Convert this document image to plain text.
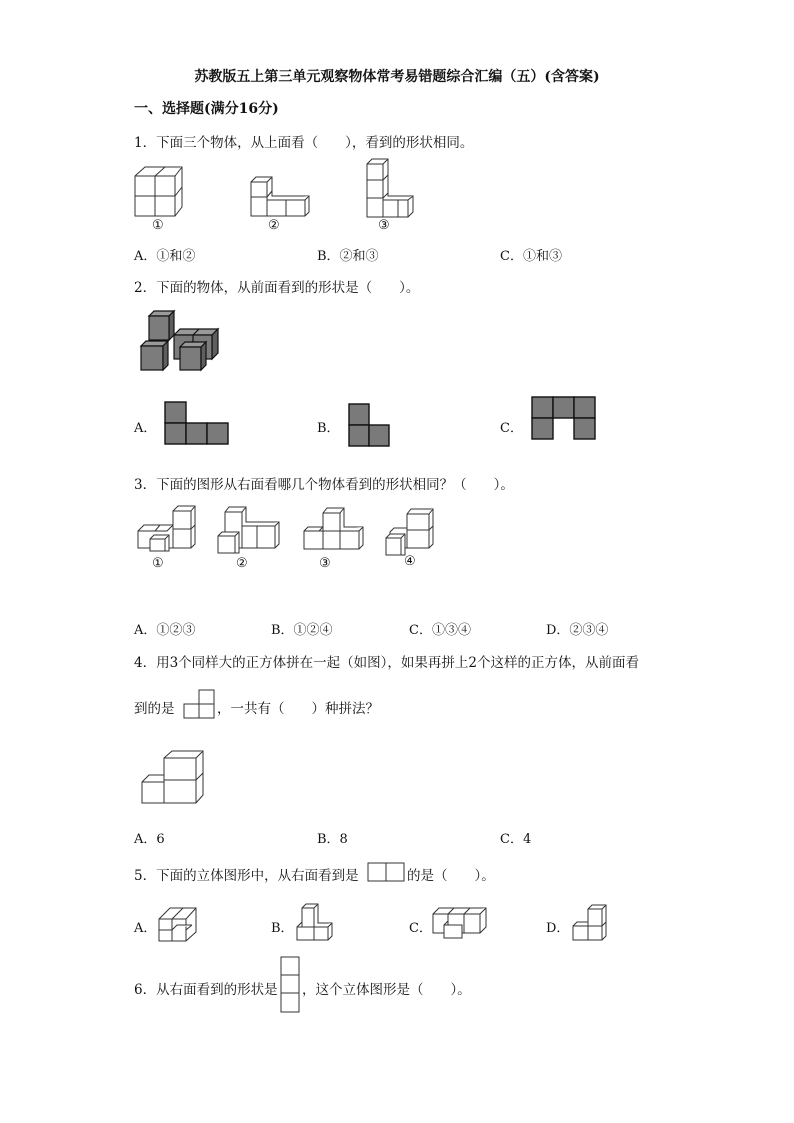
苏教版五上第三单元观察物体常考易错题综合汇编（五）(含答案)
一、选择题(满分16分)
1．下面三个物体，从上面看（　　），看到的形状相同。
①	②	③
A．①和②	B．②和③	C．①和③
2．下面的物体，从前面看到的形状是（　　）。
A．	B．	C．
3．下面的图形从右面看哪几个物体看到的形状相同？（　　）。
①	②	③	④
A．①②③	B．①②④	C．①③④	D．②③④
4．用3个同样大的正方体拼在一起（如图），如果再拼上2个这样的正方体，从前面看
到的是	，一共有（　　）种拼法？
A．6	B．8	C．4
5．下面的立体图形中，从右面看到是	的是（　　）。
A．	B．	C．	D．
6．从右面看到的形状是 ，这个立体图形是（　　）。
